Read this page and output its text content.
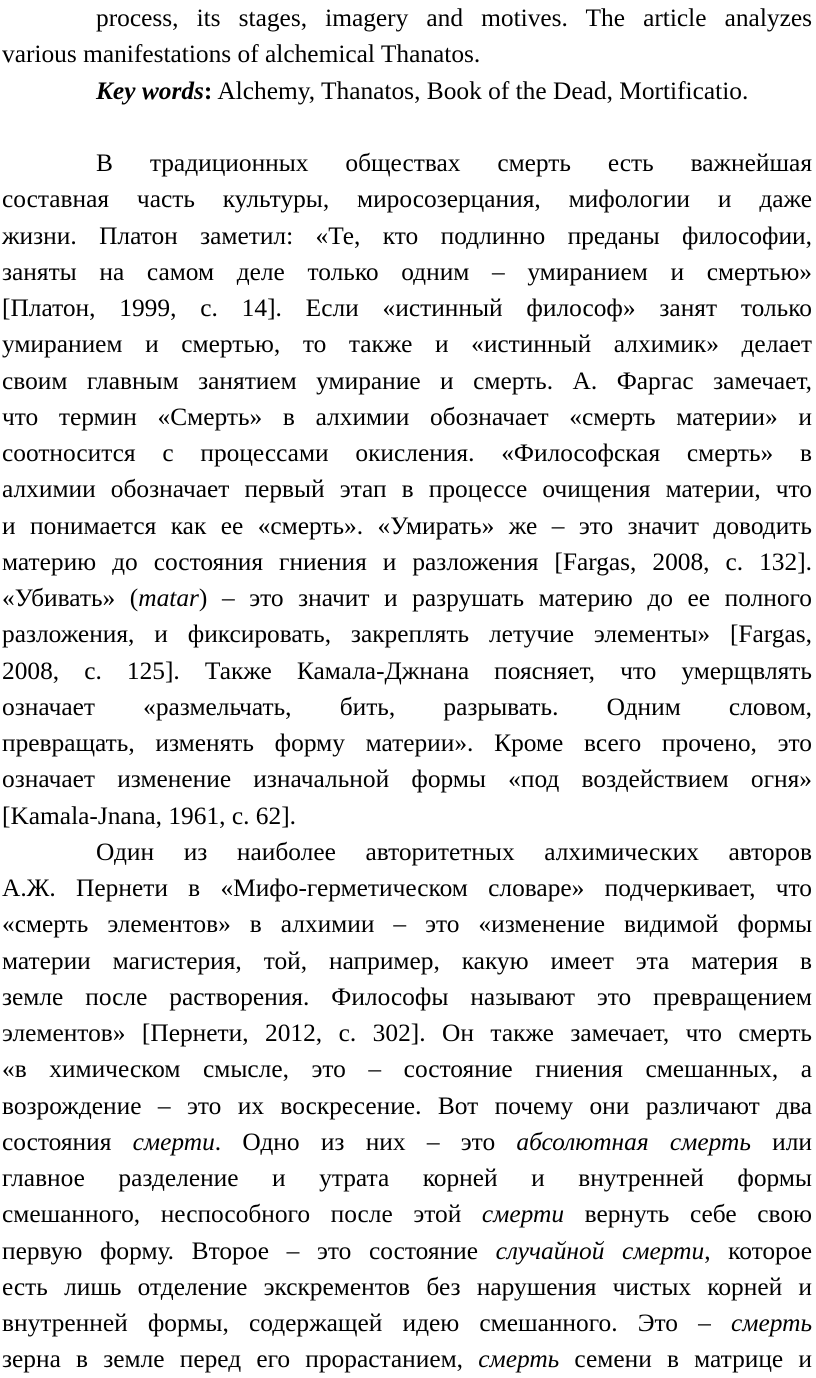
process, its stages, imagery and motives. The article analyzes
various manifestations of alchemical Thanatos.
Key words: Alchemy, Thanatos, Book of the Dead, Mortificatio.
В традиционных обществах смерть есть важнейшая
составная часть культуры, миросозерцания, мифологии и даже
жизни. Платон заметил: «Те, кто подлинно преданы философии,
заняты на самом деле только одним – умиранием и смертью»
[Платон, 1999, с. 14]. Если «истинный философ» занят только
умиранием и смертью, то также и «истинный алхимик» делает
своим главным занятием умирание и смерть. А. Фаргас замечает,
что термин «Смерть» в алхимии обозначает «смерть материи» и
соотносится с процессами окисления. «Философская смерть» в
алхимии обозначает первый этап в процессе очищения материи, что
и понимается как ее «смерть». «Умирать» же – это значит доводить
материю до состояния гниения и разложения [Fargas, 2008, с. 132].
«Убивать» (matar) – это значит и разрушать материю до ее полного
разложения, и фиксировать, закреплять летучие элементы» [Fargas,
2008, с. 125]. Также Камала-Джнана поясняет, что умерщвлять
означает «размельчать, бить, разрывать. Одним словом,
превращать, изменять форму материи». Кроме всего прочено, это
означает изменение изначальной формы «под воздействием огня»
[Kamala-Jnana, 1961, c. 62].
Один из наиболее авторитетных алхимических авторов
А.Ж. Пернети в «Мифо-герметическом словаре» подчеркивает, что
«смерть элементов» в алхимии – это «изменение видимой формы
материи магистерия, той, например, какую имеет эта материя в
земле после растворения. Философы называют это превращением
элементов» [Пернети, 2012, с. 302]. Он также замечает, что смерть
«в химическом смысле, это – состояние гниения смешанных, а
возрождение – это их воскресение. Вот почему они различают два
состояния смерти. Одно из них – это абсолютная смерть или
главное разделение и утрата корней и внутренней формы
смешанного, неспособного после этой смерти вернуть себе свою
первую форму. Второе – это состояние случайной смерти, которое
есть лишь отделение экскрементов без нарушения чистых корней и
внутренней формы, содержащей идею смешанного. Это – смерть
зерна в земле перед его прорастанием, смерть семени в матрице и
